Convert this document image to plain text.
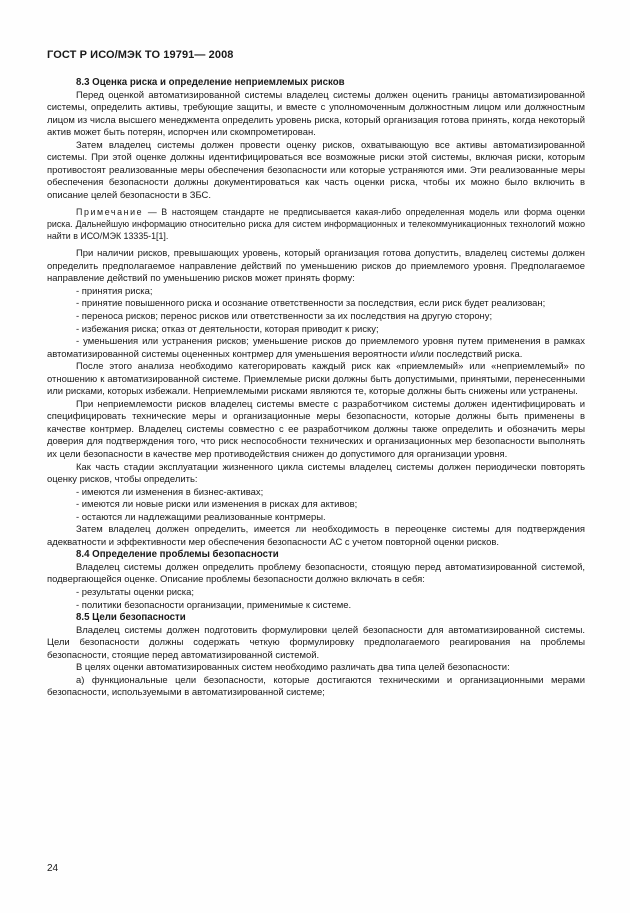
ГОСТ Р ИСО/МЭК ТО 19791— 2008

8.3 Оценка риска и определение неприемлемых рисков

Перед оценкой автоматизированной системы владелец системы должен оценить границы автоматизированной системы, определить активы, требующие защиты, и вместе с уполномоченным должностным лицом или должностным лицом из числа высшего менеджмента определить уровень риска, который организация готова принять, когда некоторый актив может быть потерян, испорчен или скомпрометирован.

Затем владелец системы должен провести оценку рисков, охватывающую все активы автоматизированной системы. При этой оценке должны идентифицироваться все возможные риски этой системы, включая риски, которым противостоят реализованные меры обеспечения безопасности или которые устраняются ими. Эти реализованные меры обеспечения безопасности должны документироваться как часть оценки риска, чтобы их можно было включить в описание целей безопасности в ЗБС.

Примечание — В настоящем стандарте не предписывается какая-либо определенная модель или форма оценки риска. Дальнейшую информацию относительно риска для систем информационных и телекоммуникационных технологий можно найти в ИСО/МЭК 13335-1[1].

При наличии рисков, превышающих уровень, который организация готова допустить, владелец системы должен определить предполагаемое направление действий по уменьшению рисков до приемлемого уровня. Предполагаемое направление действий по уменьшению рисков может принять форму:

- принятия риска;

- принятие повышенного риска и осознание ответственности за последствия, если риск будет реализован;

- переноса рисков; перенос рисков или ответственности за их последствия на другую сторону;

- избежания риска; отказ от деятельности, которая приводит к риску;

- уменьшения или устранения рисков; уменьшение рисков до приемлемого уровня путем применения в рамках автоматизированной системы оцененных контрмер для уменьшения вероятности и/или последствий риска.

После этого анализа необходимо категорировать каждый риск как «приемлемый» или «неприемлемый» по отношению к автоматизированной системе. Приемлемые риски должны быть допустимыми, принятыми, перенесенными или рисками, которых избежали. Неприемлемыми рисками являются те, которые должны быть снижены или устранены.

При неприемлемости рисков владелец системы вместе с разработчиком системы должен идентифицировать и специфицировать технические меры и организационные меры безопасности, которые должны быть применены в качестве контрмер. Владелец системы совместно с ее разработчиком должны также определить и обозначить меры доверия для подтверждения того, что риск неспособности технических и организационных мер безопасности выполнять их цели безопасности в качестве мер противодействия снижен до допустимого для организации уровня.

Как часть стадии эксплуатации жизненного цикла системы владелец системы должен периодически повторять оценку рисков, чтобы определить:

- имеются ли изменения в бизнес-активах;

- имеются ли новые риски или изменения в рисках для активов;

- остаются ли надлежащими реализованные контрмеры.

Затем владелец должен определить, имеется ли необходимость в переоценке системы для подтверждения адекватности и эффективности мер обеспечения безопасности АС с учетом повторной оценки рисков.

8.4 Определение проблемы безопасности

Владелец системы должен определить проблему безопасности, стоящую перед автоматизированной системой, подвергающейся оценке. Описание проблемы безопасности должно включать в себя:

- результаты оценки риска;

- политики безопасности организации, применимые к системе.

8.5 Цели безопасности

Владелец системы должен подготовить формулировки целей безопасности для автоматизированной системы. Цели безопасности должны содержать четкую формулировку предполагаемого реагирования на проблемы безопасности, стоящие перед автоматизированной системой.

В целях оценки автоматизированных систем необходимо различать два типа целей безопасности:

а) функциональные цели безопасности, которые достигаются техническими и организационными мерами безопасности, используемыми в автоматизированной системе;

24
